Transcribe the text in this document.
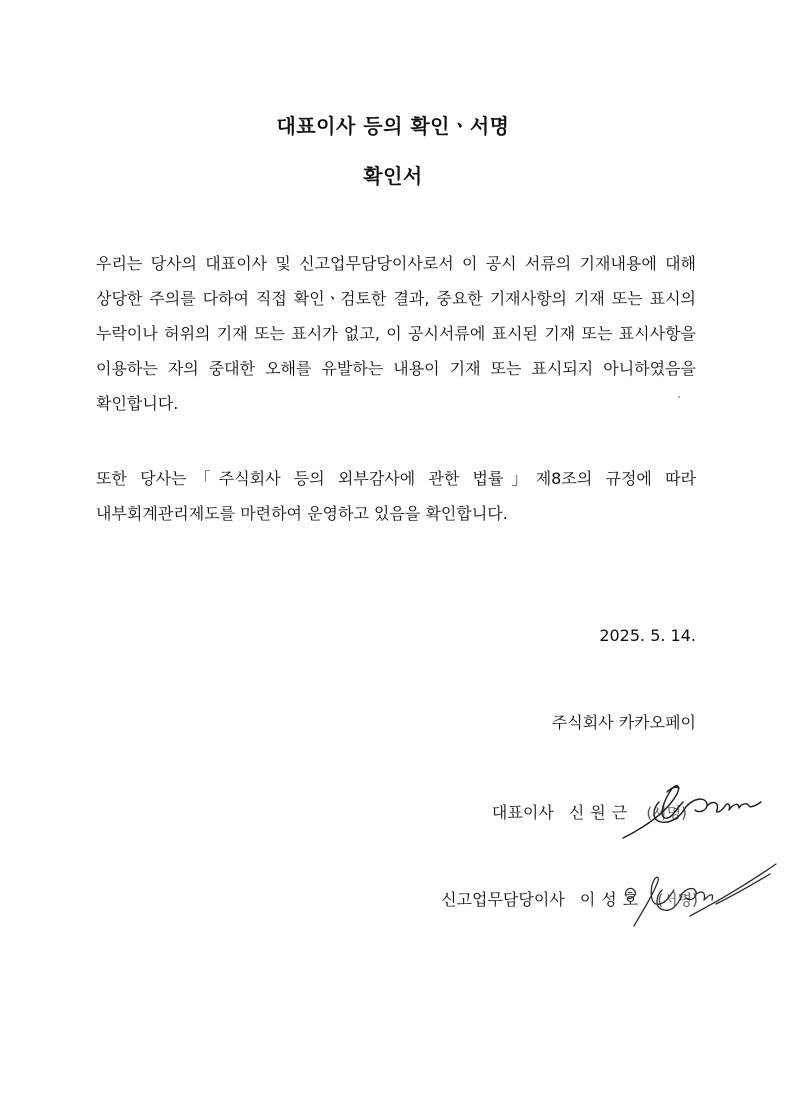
대표이사 등의 확인ㆍ서명
확인서
우리는 당사의 대표이사 및 신고업무담당이사로서 이 공시 서류의 기재내용에 대해 상당한 주의를 다하여 직접 확인ㆍ검토한 결과, 중요한 기재사항의 기재 또는 표시의 누락이나 허위의 기재 또는 표시가 없고, 이 공시서류에 표시된 기재 또는 표시사항을 이용하는 자의 중대한 오해를 유발하는 내용이 기재 또는 표시되지 아니하였음을 확인합니다.
또한 당사는「주식회사 등의 외부감사에 관한 법률」제8조의 규정에 따라 내부회계관리제도를 마련하여 운영하고 있음을 확인합니다.
2025. 5. 14.
주식회사 카카오페이
대표이사 신원근 (서명)
신고업무담당이사 이성호 (서명)
